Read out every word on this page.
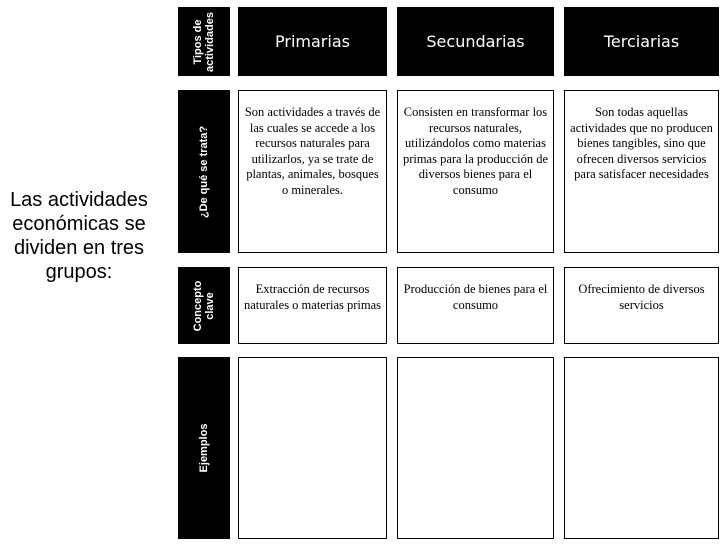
Las actividades económicas se dividen en tres grupos:
Tipos de
actividades
¿De qué se trata?
Concepto
clave
Ejemplos
Primarias	Secundarias	Terciarias
Son actividades a través de las cuales se accede a los recursos naturales para utilizarlos, ya se trate de plantas, animales, bosques o minerales.
Consisten en transformar los recursos naturales, utilizándolos como materias primas para la producción de diversos bienes para el consumo
Son todas aquellas actividades que no producen bienes tangibles, sino que ofrecen diversos servicios para satisfacer necesidades
Extracción de recursos naturales o materias primas
Producción de bienes para el consumo
Ofrecimiento de diversos servicios
